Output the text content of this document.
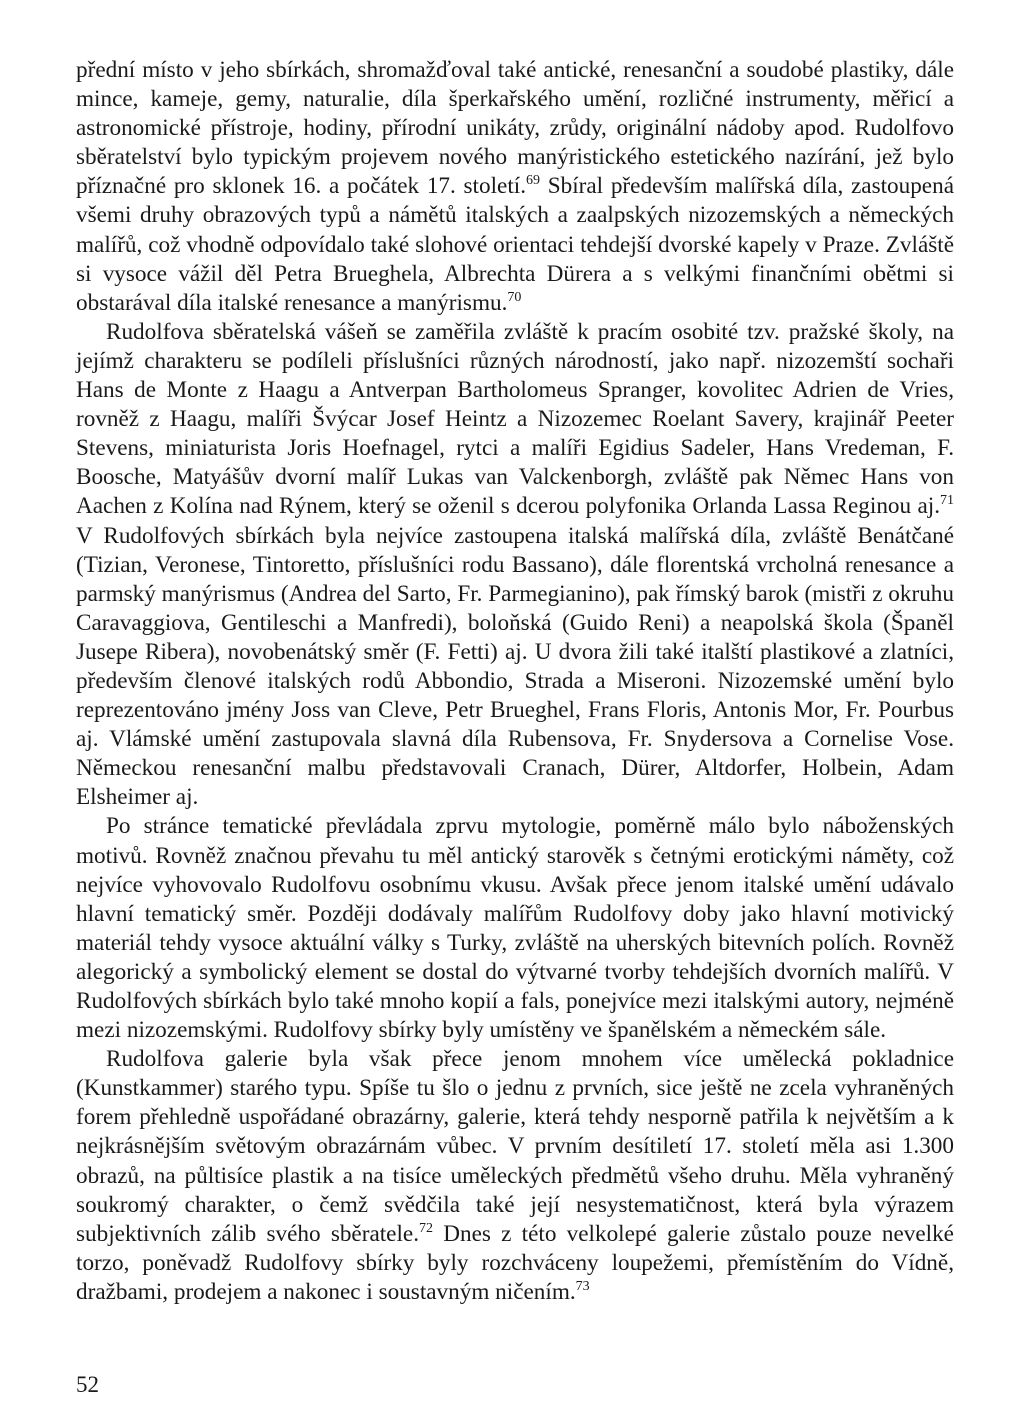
přední místo v jeho sbírkách, shromažďoval také antické, renesanční a soudobé plastiky, dále mince, kameje, gemy, naturalie, díla šperkařského umění, rozličné instrumenty, měřicí a astronomické přístroje, hodiny, přírodní unikáty, zrůdy, originální nádoby apod. Rudolfovo sběratelství bylo typickým projevem nového manýristického estetického nazírání, jež bylo příznačné pro sklonek 16. a počátek 17. století.$^{69}$ Sbíral především malířská díla, zastoupená všemi druhy obrazových typů a námětů italských a zaalpských nizozemských a německých malířů, což vhodně odpovídalo také slohové orientaci tehdejší dvorské kapely v Praze. Zvláště si vysoce vážil děl Petra Brueghela, Albrechta Dürera a s velkými finančními obětmi si obstarával díla italské renesance a manýrismu.$^{70}$

Rudolfova sběratelská vášeň se zaměřila zvláště k pracím osobité tzv. pražské školy, na jejímž charakteru se podíleli příslušníci různých národností, jako např. nizozemští sochaři Hans de Monte z Haagu a Antverpan Bartholomeus Spranger, kovolitec Adrien de Vries, rovněž z Haagu, malíři Švýcar Josef Heintz a Nizozemec Roelant Savery, krajinář Peeter Stevens, miniaturista Joris Hoefnagel, rytci a malíři Egidius Sadeler, Hans Vredeman, F. Boosche, Matyášův dvorní malíř Lukas van Valckenborgh, zvláště pak Němec Hans von Aachen z Kolína nad Rýnem, který se oženil s dcerou polyfonika Orlanda Lassa Reginou aj.$^{71}$ V Rudolfových sbírkách byla nejvíce zastoupena italská malířská díla, zvláště Benátčané (Tizian, Veronese, Tintoretto, příslušníci rodu Bassano), dále florentská vrcholná renesance a parmský manýrismus (Andrea del Sarto, Fr. Parmegianino), pak římský barok (mistři z okruhu Caravaggiova, Gentileschi a Manfredi), boloňská (Guido Reni) a neapolská škola (Španěl Jusepe Ribera), novobenátský směr (F. Fetti) aj. U dvora žili také italští plastikové a zlatníci, především členové italských rodů Abbondio, Strada a Miseroni. Nizozemské umění bylo reprezentováno jmény Joss van Cleve, Petr Brueghel, Frans Floris, Antonis Mor, Fr. Pourbus aj. Vlámské umění zastupovala slavná díla Rubensova, Fr. Snydersova a Cornelise Vose. Německou renesanční malbu představovali Cranach, Dürer, Altdorfer, Holbein, Adam Elsheimer aj.

Po stránce tematické převládala zprvu mytologie, poměrně málo bylo náboženských motivů. Rovněž značnou převahu tu měl antický starověk s četnými erotickými náměty, což nejvíce vyhovovalo Rudolfovu osobnímu vkusu. Avšak přece jenom italské umění udávalo hlavní tematický směr. Později dodávaly malířům Rudolfovy doby jako hlavní motivický materiál tehdy vysoce aktuální války s Turky, zvláště na uherských bitevních polích. Rovněž alegorický a symbolický element se dostal do výtvarné tvorby tehdejších dvorních malířů. V Rudolfových sbírkách bylo také mnoho kopií a fals, ponejvíce mezi italskými autory, nejméně mezi nizozemskými. Rudolfovy sbírky byly umístěny ve španělském a německém sále.

Rudolfova galerie byla však přece jenom mnohem více umělecká pokladnice (Kunstkammer) starého typu. Spíše tu šlo o jednu z prvních, sice ještě ne zcela vyhraněných forem přehledně uspořádané obrazárny, galerie, která tehdy nesporně patřila k největším a k nejkrásnějším světovým obrazárnám vůbec. V prvním desítiletí 17. století měla asi 1.300 obrazů, na půltisíce plastik a na tisíce uměleckých předmětů všeho druhu. Měla vyhraněný soukromý charakter, o čemž svědčila také její nesystematičnost, která byla výrazem subjektivních zálib svého sběratele.$^{72}$ Dnes z této velkolepé galerie zůstalo pouze nevelké torzo, poněvadž Rudolfovy sbírky byly rozchváceny loupežemi, přemístěním do Vídně, dražbami, prodejem a nakonec i soustavným ničením.$^{73}$

52
